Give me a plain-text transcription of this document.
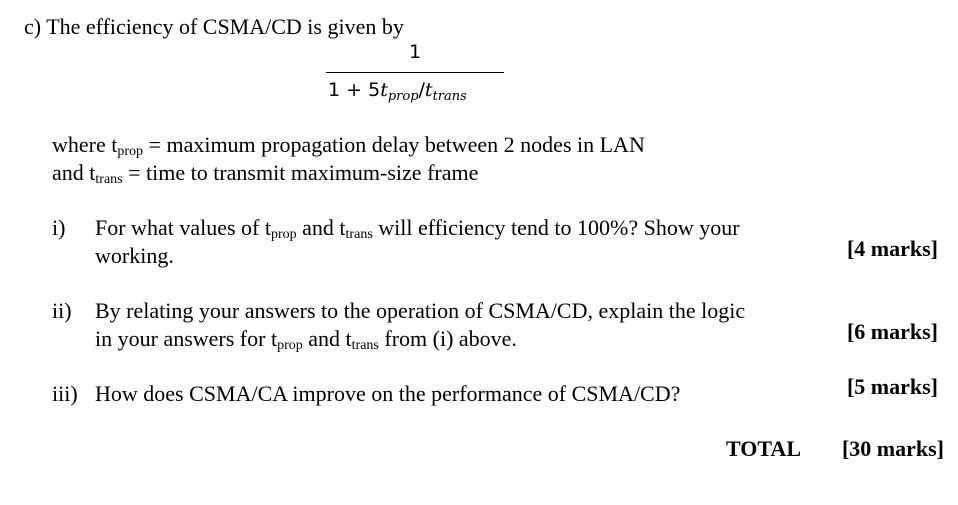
c) The efficiency of CSMA/CD is given by
1
$1 + 5t_{prop}/t_{trans}$
where $t_{prop}$ = maximum propagation delay between 2 nodes in LAN
and $t_{trans}$ = time to transmit maximum-size frame
i) For what values of $t_{prop}$ and $t_{trans}$ will efficiency tend to 100%? Show your
working.	[4 marks]
ii) By relating your answers to the operation of CSMA/CD, explain the logic
in your answers for $t_{prop}$ and $t_{trans}$ from (i) above.	[6 marks]
iii) How does CSMA/CA improve on the performance of CSMA/CD?	[5 marks]
TOTAL [30 marks]
